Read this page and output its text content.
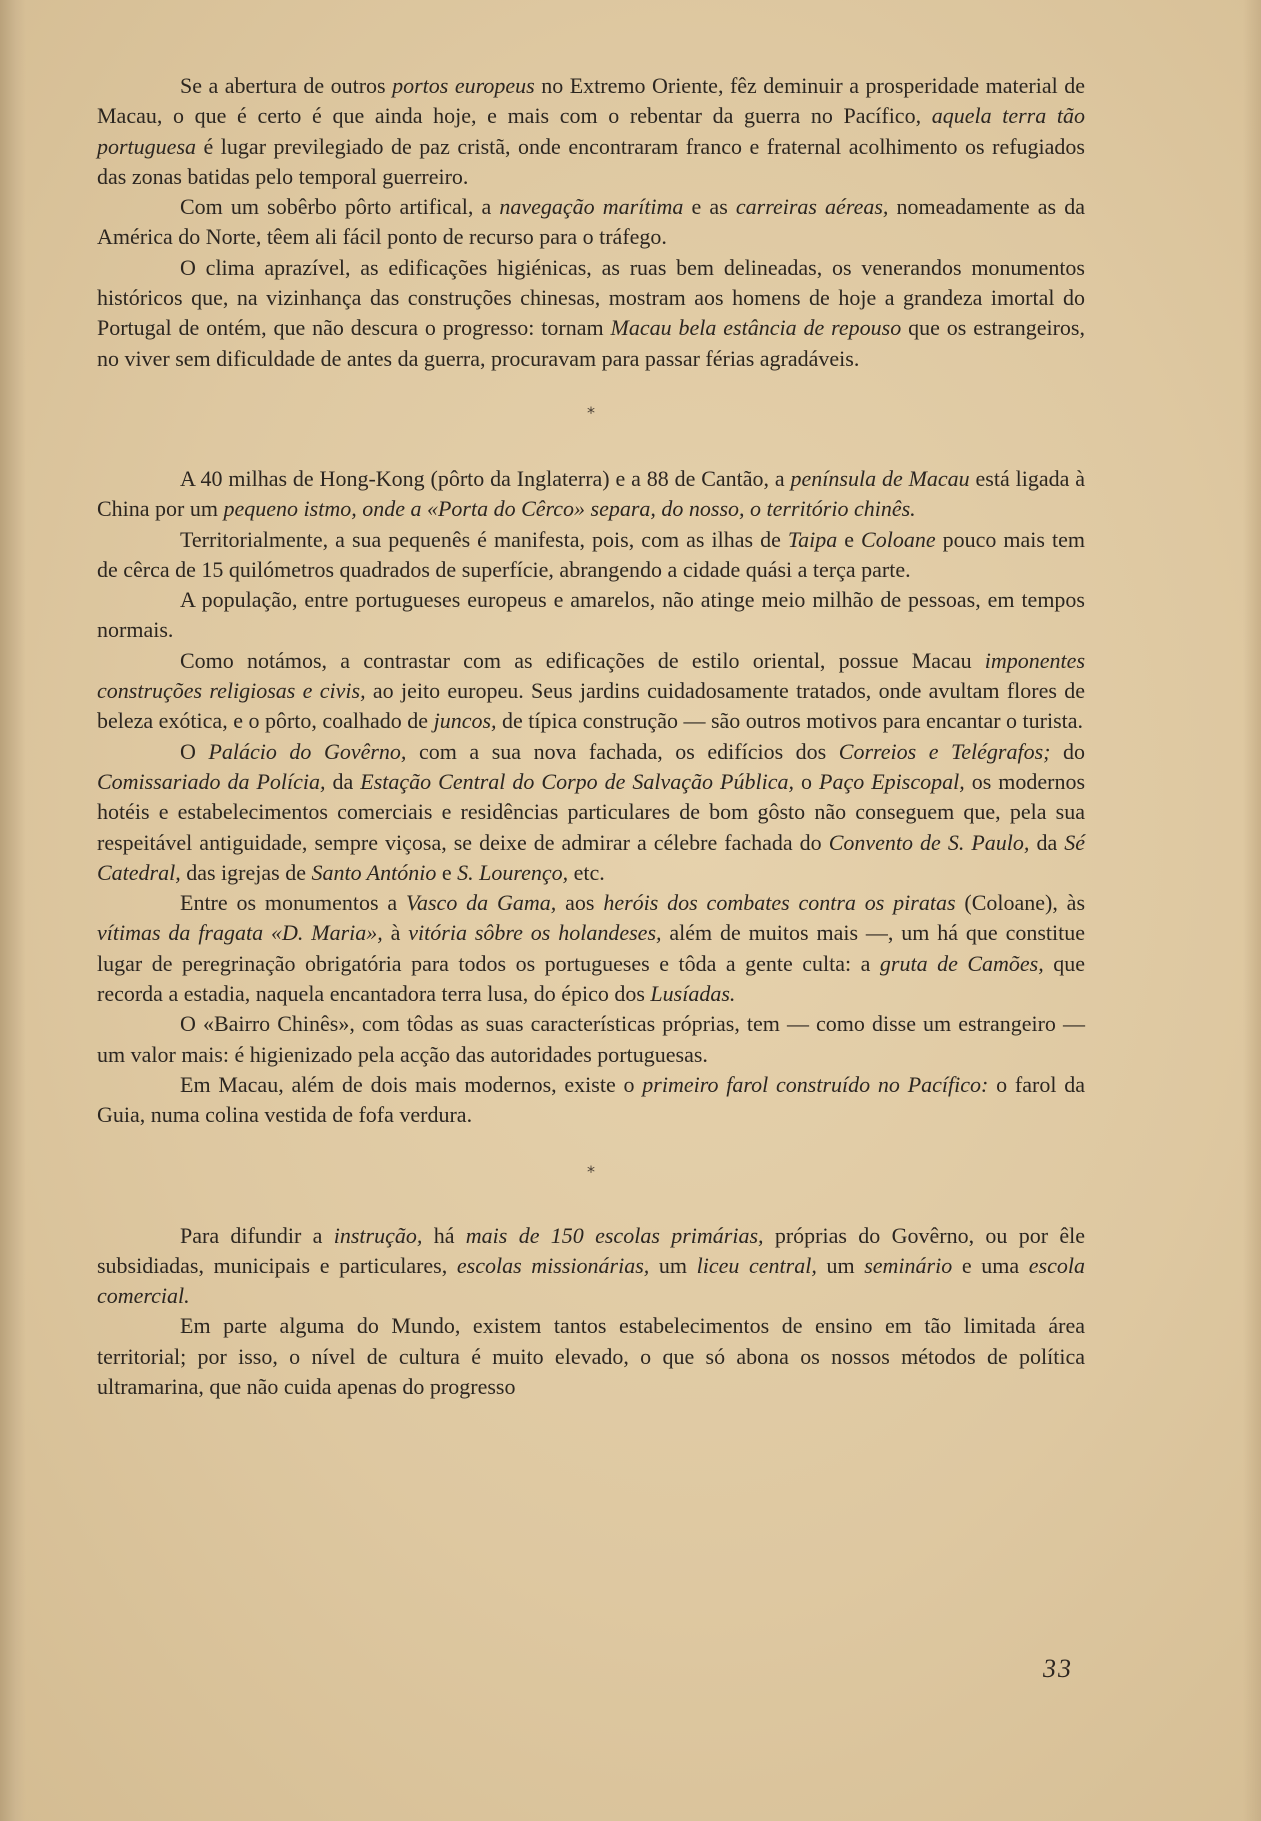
Se a abertura de outros portos europeus no Extremo Oriente, fêz deminuir a prosperidade material de Macau, o que é certo é que ainda hoje, e mais com o rebentar da guerra no Pacífico, aquela terra tão portuguesa é lugar previlegiado de paz cristã, onde encontraram franco e fraternal acolhimento os refugiados das zonas batidas pelo temporal guerreiro.

Com um sobêrbo pôrto artifical, a navegação marítima e as carreiras aéreas, nomeadamente as da América do Norte, têem ali fácil ponto de recurso para o tráfego.

O clima aprazível, as edificações higiénicas, as ruas bem delineadas, os venerandos monumentos históricos que, na vizinhança das construções chinesas, mostram aos homens de hoje a grandeza imortal do Portugal de ontém, que não descura o progresso: tornam Macau bela estância de repouso que os estrangeiros, no viver sem dificuldade de antes da guerra, procuravam para passar férias agradáveis.

*

A 40 milhas de Hong-Kong (pôrto da Inglaterra) e a 88 de Cantão, a península de Macau está ligada à China por um pequeno istmo, onde a «Porta do Cêrco» separa, do nosso, o território chinês.

Territorialmente, a sua pequenês é manifesta, pois, com as ilhas de Taipa e Coloane pouco mais tem de cêrca de 15 quilómetros quadrados de superfície, abrangendo a cidade quási a terça parte.

A população, entre portugueses europeus e amarelos, não atinge meio milhão de pessoas, em tempos normais.

Como notámos, a contrastar com as edificações de estilo oriental, possue Macau imponentes construções religiosas e civis, ao jeito europeu. Seus jardins cuidadosamente tratados, onde avultam flores de beleza exótica, e o pôrto, coalhado de juncos, de típica construção — são outros motivos para encantar o turista.

O Palácio do Govêrno, com a sua nova fachada, os edifícios dos Correios e Telégrafos; do Comissariado da Polícia, da Estação Central do Corpo de Salvação Pública, o Paço Episcopal, os modernos hotéis e estabelecimentos comerciais e residências particulares de bom gôsto não conseguem que, pela sua respeitável antiguidade, sempre viçosa, se deixe de admirar a célebre fachada do Convento de S. Paulo, da Sé Catedral, das igrejas de Santo António e S. Lourenço, etc.

Entre os monumentos a Vasco da Gama, aos heróis dos combates contra os piratas (Coloane), às vítimas da fragata «D. Maria», à vitória sôbre os holandeses, além de muitos mais —, um há que constitue lugar de peregrinação obrigatória para todos os portugueses e tôda a gente culta: a gruta de Camões, que recorda a estadia, naquela encantadora terra lusa, do épico dos Lusíadas.

O «Bairro Chinês», com tôdas as suas características próprias, tem — como disse um estrangeiro — um valor mais: é higienizado pela acção das autoridades portuguesas.

Em Macau, além de dois mais modernos, existe o primeiro farol construído no Pacífico: o farol da Guia, numa colina vestida de fofa verdura.

*

Para difundir a instrução, há mais de 150 escolas primárias, próprias do Govêrno, ou por êle subsidiadas, municipais e particulares, escolas missionárias, um liceu central, um seminário e uma escola comercial.

Em parte alguma do Mundo, existem tantos estabelecimentos de ensino em tão limitada área territorial; por isso, o nível de cultura é muito elevado, o que só abona os nossos métodos de política ultramarina, que não cuida apenas do progresso

33
